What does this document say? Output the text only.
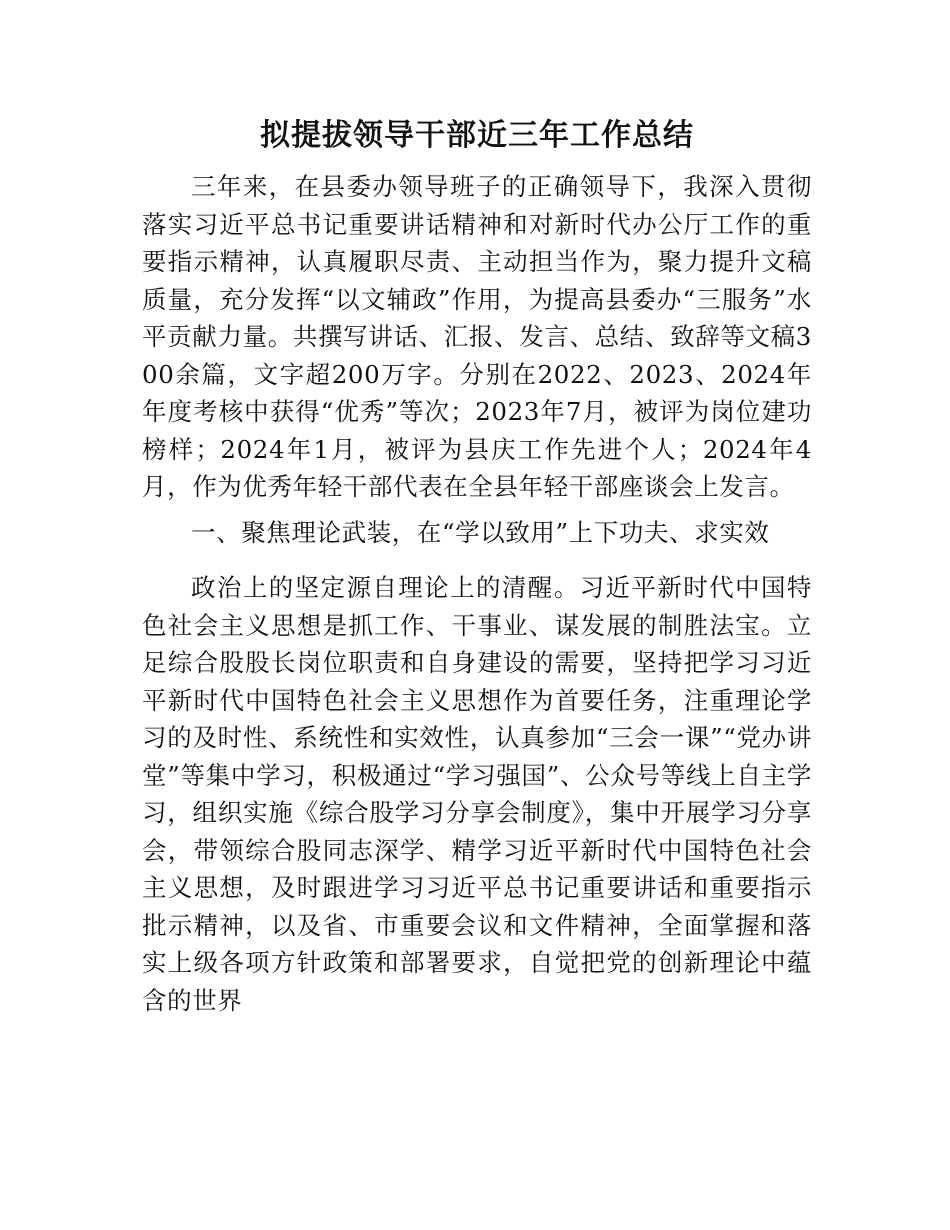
拟提拔领导干部近三年工作总结

三年来，在县委办领导班子的正确领导下，我深入贯彻落实习近平总书记重要讲话精神和对新时代办公厅工作的重要指示精神，认真履职尽责、主动担当作为，聚力提升文稿质量，充分发挥“以文辅政”作用，为提高县委办“三服务”水平贡献力量。共撰写讲话、汇报、发言、总结、致辞等文稿300余篇，文字超200万字。分别在2022、2023、2024年年度考核中获得“优秀”等次；2023年7月，被评为岗位建功榜样；2024年1月，被评为县庆工作先进个人；2024年4月，作为优秀年轻干部代表在全县年轻干部座谈会上发言。

一、聚焦理论武装，在“学以致用”上下功夫、求实效

政治上的坚定源自理论上的清醒。习近平新时代中国特色社会主义思想是抓工作、干事业、谋发展的制胜法宝。立足综合股股长岗位职责和自身建设的需要，坚持把学习习近平新时代中国特色社会主义思想作为首要任务，注重理论学习的及时性、系统性和实效性，认真参加“三会一课”“党办讲堂”等集中学习，积极通过“学习强国”、公众号等线上自主学习，组织实施《综合股学习分享会制度》，集中开展学习分享会，带领综合股同志深学、精学习近平新时代中国特色社会主义思想，及时跟进学习习近平总书记重要讲话和重要指示批示精神，以及省、市重要会议和文件精神，全面掌握和落实上级各项方针政策和部署要求，自觉把党的创新理论中蕴含的世界
